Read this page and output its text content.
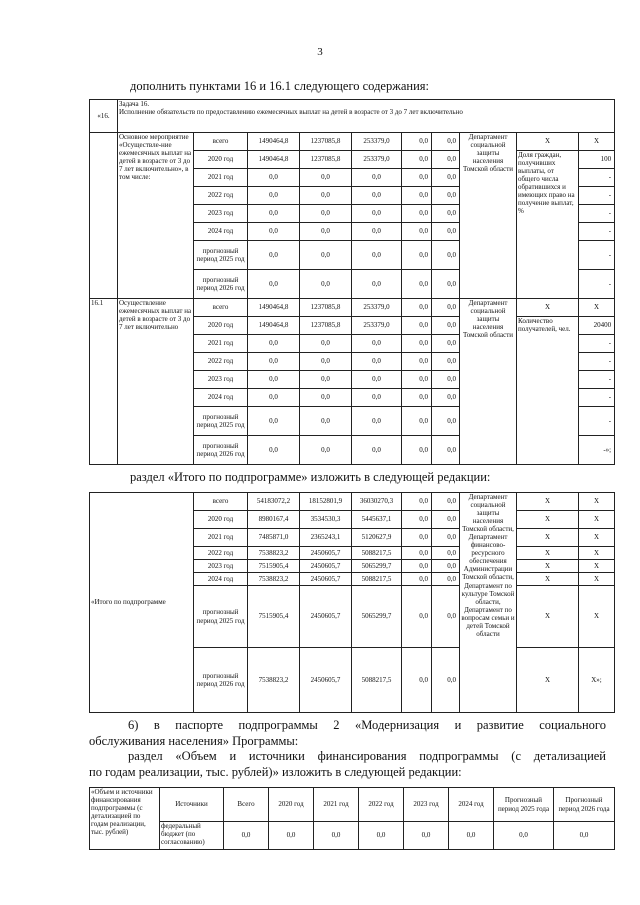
3
дополнить пунктами 16 и 16.1 следующего содержания:
«16.	Задача 16.
Исполнение обязательств по предоставлению ежемесячных выплат на детей в возрасте от 3 до 7 лет включительно									

	Основное мероприятие «Осуществле-ние ежемесячных выплат на детей в возрасте от 3 до 7 лет включительно», в том числе:	всего	1490464,8	1237085,8	253379,0	0,0	0,0	Департамент социальной защиты населения Томской области	X	X
		2020 год	1490464,8	1237085,8	253379,0	0,0	0,0		Доля граждан, получивших выплаты, от общего числа обратившихся и имеющих право на получение выплат, %	100
		2021 год	0,0	0,0	0,0	0,0	0,0			-
		2022 год	0,0	0,0	0,0	0,0	0,0			-
		2023 год	0,0	0,0	0,0	0,0	0,0			-
		2024 год	0,0	0,0	0,0	0,0	0,0			-
		прогнозный период 2025 год	0,0	0,0	0,0	0,0	0,0			-
		прогнозный период 2026 год	0,0	0,0	0,0	0,0	0,0			-
16.1	Осуществление ежемесячных выплат на детей в возрасте от 3 до 7 лет включительно	всего	1490464,8	1237085,8	253379,0	0,0	0,0	Департамент социальной защиты населения Томской области	X	X
		2020 год	1490464,8	1237085,8	253379,0	0,0	0,0		Количество получателей, чел.	20400
		2021 год	0,0	0,0	0,0	0,0	0,0			-
		2022 год	0,0	0,0	0,0	0,0	0,0			-
		2023 год	0,0	0,0	0,0	0,0	0,0			-
		2024 год	0,0	0,0	0,0	0,0	0,0			-
		прогнозный период 2025 год	0,0	0,0	0,0	0,0	0,0			-
		прогнозный период 2026 год	0,0	0,0	0,0	0,0	0,0			-»;
раздел «Итого по подпрограмме» изложить в следующей редакции:
«Итого по подпрограмме	всего	54183072,2	18152801,9	36030270,3	0,0	0,0	Департамент социальной защиты населения Томской области, Департамент финансово-ресурсного обеспечения Администрации Томской области, Департамент по культуре Томской области, Департамент по вопросам семьи и детей Томской области	X	X
	2020 год	8980167,4	3534530,3	5445637,1	0,0	0,0		X	X
	2021 год	7485871,0	2365243,1	5120627,9	0,0	0,0		X	X
	2022 год	7538823,2	2450605,7	5088217,5	0,0	0,0		X	X
	2023 год	7515905,4	2450605,7	5065299,7	0,0	0,0		X	X
	2024 год	7538823,2	2450605,7	5088217,5	0,0	0,0		X	X
	прогнозный период 2025 год	7515905,4	2450605,7	5065299,7	0,0	0,0		X	X
	прогнозный период 2026 год	7538823,2	2450605,7	5088217,5	0,0	0,0		X	X»;
6) в паспорте подпрограммы 2 «Модернизация и развитие социального
обслуживания населения» Программы:
раздел «Объем и источники финансирования подпрограммы (с детализацией
по годам реализации, тыс. рублей)» изложить в следующей редакции:
«Объем и источники финансирования подпрограммы (с детализацией по годам реализации, тыс. рублей)	Источники	Всего	2020 год	2021 год	2022 год	2023 год	2024 год	Прогнозный период 2025 года	Прогнозный период 2026 года
	федеральный бюджет (по согласованию)	0,0	0,0	0,0	0,0	0,0	0,0	0,0	0,0
